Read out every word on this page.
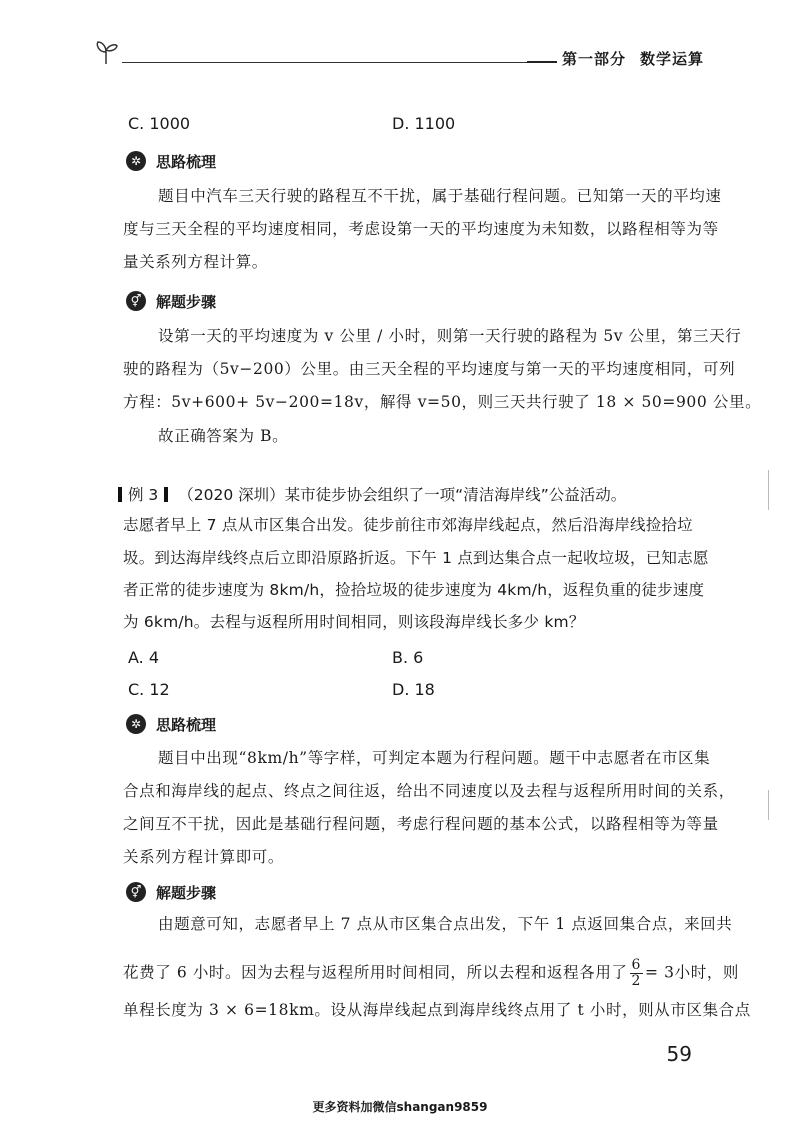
第一部分 数学运算
C. 1000	D. 1100
✲ 思路梳理
题目中汽车三天行驶的路程互不干扰，属于基础行程问题。已知第一天的平均速
度与三天全程的平均速度相同，考虑设第一天的平均速度为未知数，以路程相等为等
量关系列方程计算。
⚥ 解题步骤
设第一天的平均速度为 v 公里 / 小时，则第一天行驶的路程为 5v 公里，第三天行
驶的路程为（5v−200）公里。由三天全程的平均速度与第一天的平均速度相同，可列
方程：5v+600+ 5v−200=18v，解得 v=50，则三天共行驶了 18 × 50=900 公里。
故正确答案为 B。
例 3 （2020 深圳）某市徒步协会组织了一项“清洁海岸线”公益活动。
志愿者早上 7 点从市区集合出发。徒步前往市郊海岸线起点，然后沿海岸线捡拾垃
圾。到达海岸线终点后立即沿原路折返。下午 1 点到达集合点一起收垃圾，已知志愿
者正常的徒步速度为 8km/h，捡拾垃圾的徒步速度为 4km/h，返程负重的徒步速度
为 6km/h。去程与返程所用时间相同，则该段海岸线长多少 km？
A. 4	B. 6
C. 12	D. 18
✲ 思路梳理
题目中出现“8km/h”等字样，可判定本题为行程问题。题干中志愿者在市区集
合点和海岸线的起点、终点之间往返，给出不同速度以及去程与返程所用时间的关系，
之间互不干扰，因此是基础行程问题，考虑行程问题的基本公式，以路程相等为等量
关系列方程计算即可。
⚥ 解题步骤
由题意可知，志愿者早上 7 点从市区集合点出发，下午 1 点返回集合点，来回共
花费了 6 小时。因为去程与返程所用时间相同，所以去程和返程各用了 $\frac{6}{2} = 3$小时，则
单程长度为 3 × 6=18km。设从海岸线起点到海岸线终点用了 t 小时，则从市区集合点
59
更多资料加微信shangan9859
